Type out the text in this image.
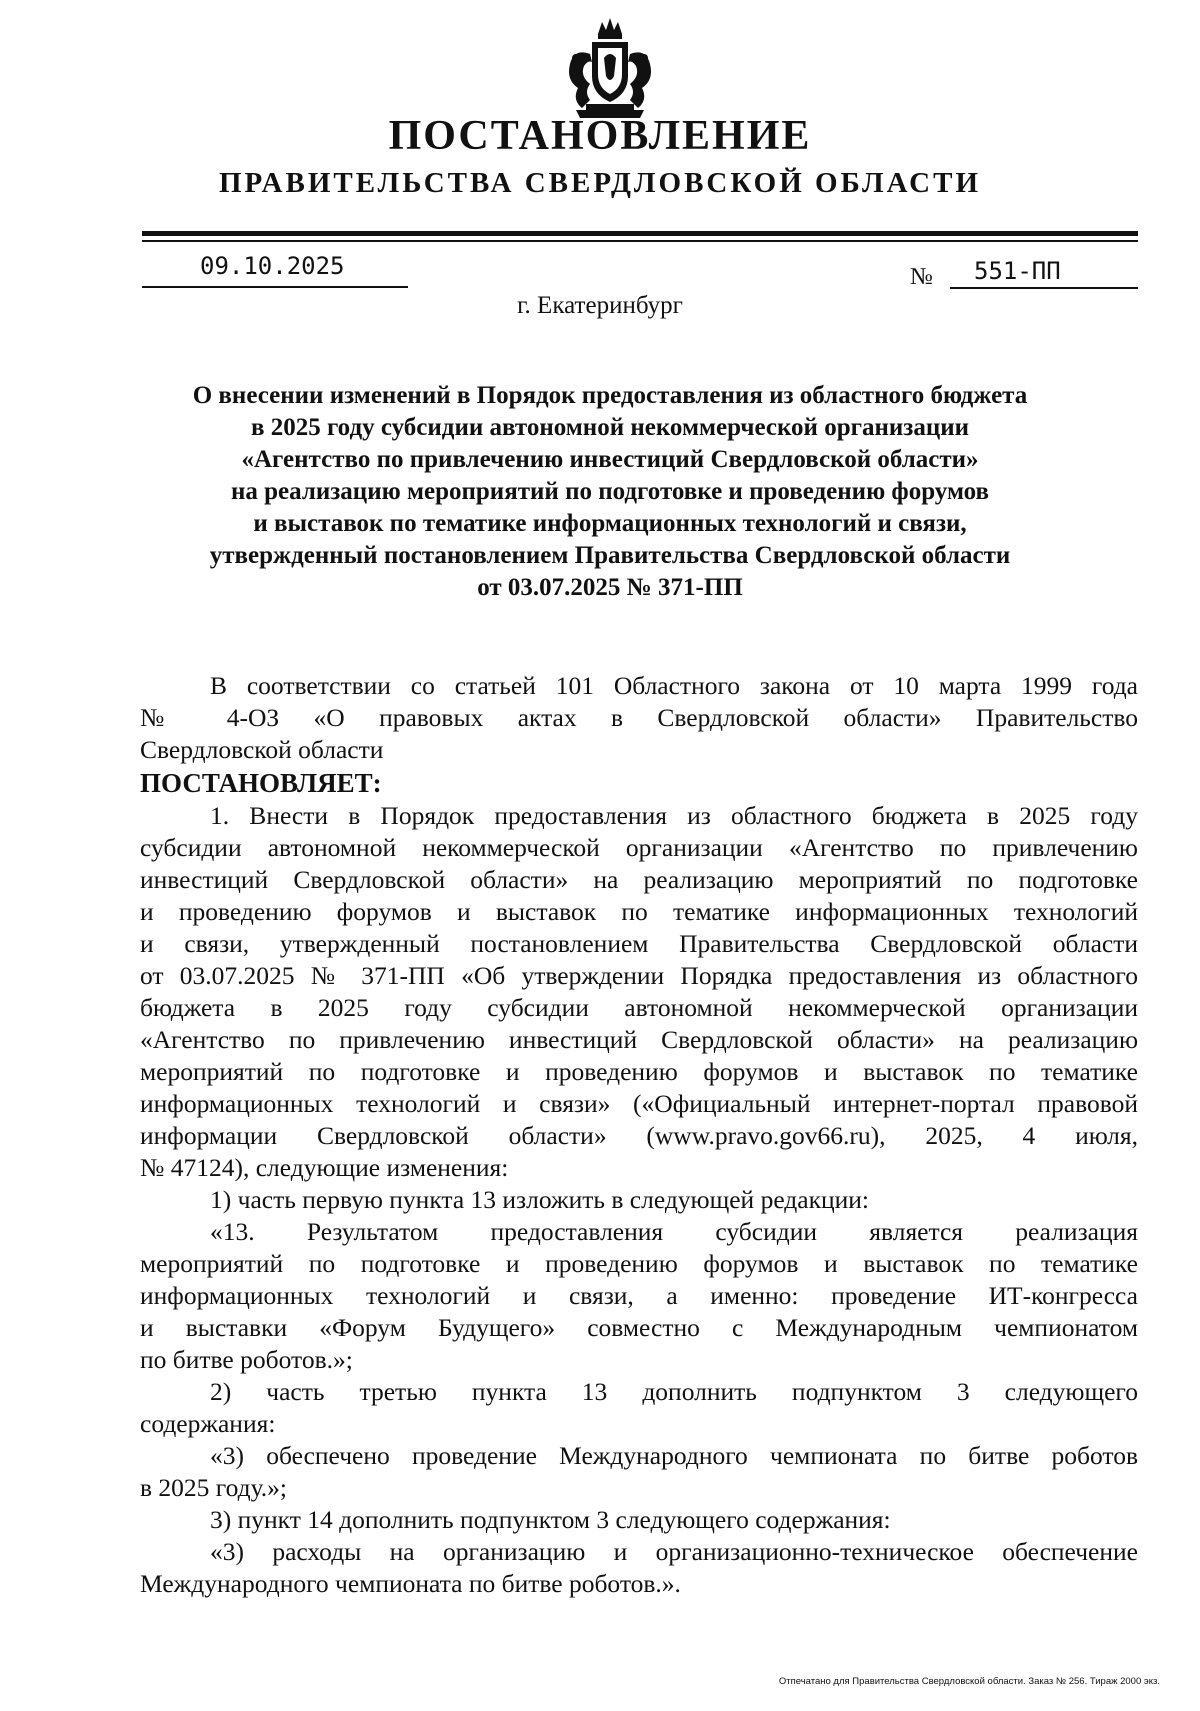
ПОСТАНОВЛЕНИЕ
ПРАВИТЕЛЬСТВА СВЕРДЛОВСКОЙ ОБЛАСТИ
09.10.2025	№ 551-ПП

г. Екатеринбург

О внесении изменений в Порядок предоставления из областного бюджета
в 2025 году субсидии автономной некоммерческой организации
«Агентство по привлечению инвестиций Свердловской области»
на реализацию мероприятий по подготовке и проведению форумов
и выставок по тематике информационных технологий и связи,
утвержденный постановлением Правительства Свердловской области
от 03.07.2025 № 371-ПП
В соответствии со статьей 101 Областного закона от 10 марта 1999 года
№ 4-ОЗ «О правовых актах в Свердловской области» Правительство
Свердловской области
ПОСТАНОВЛЯЕТ:
1. Внести в Порядок предоставления из областного бюджета в 2025 году
субсидии автономной некоммерческой организации «Агентство по привлечению
инвестиций Свердловской области» на реализацию мероприятий по подготовке
и проведению форумов и выставок по тематике информационных технологий
и связи, утвержденный постановлением Правительства Свердловской области
от 03.07.2025 № 371-ПП «Об утверждении Порядка предоставления из областного
бюджета в 2025 году субсидии автономной некоммерческой организации
«Агентство по привлечению инвестиций Свердловской области» на реализацию
мероприятий по подготовке и проведению форумов и выставок по тематике
информационных технологий и связи» («Официальный интернет-портал правовой
информации Свердловской области» (www.pravo.gov66.ru), 2025, 4 июля,
№ 47124), следующие изменения:
1) часть первую пункта 13 изложить в следующей редакции:
«13. Результатом предоставления субсидии является реализация
мероприятий по подготовке и проведению форумов и выставок по тематике
информационных технологий и связи, а именно: проведение ИТ-конгресса
и выставки «Форум Будущего» совместно с Международным чемпионатом
по битве роботов.»;
2) часть третью пункта 13 дополнить подпунктом 3 следующего
содержания:
«3) обеспечено проведение Международного чемпионата по битве роботов
в 2025 году.»;
3) пункт 14 дополнить подпунктом 3 следующего содержания:
«3) расходы на организацию и организационно-техническое обеспечение
Международного чемпионата по битве роботов.».

Отпечатано для Правительства Свердловской области. Заказ № 256. Тираж 2000 экз.
